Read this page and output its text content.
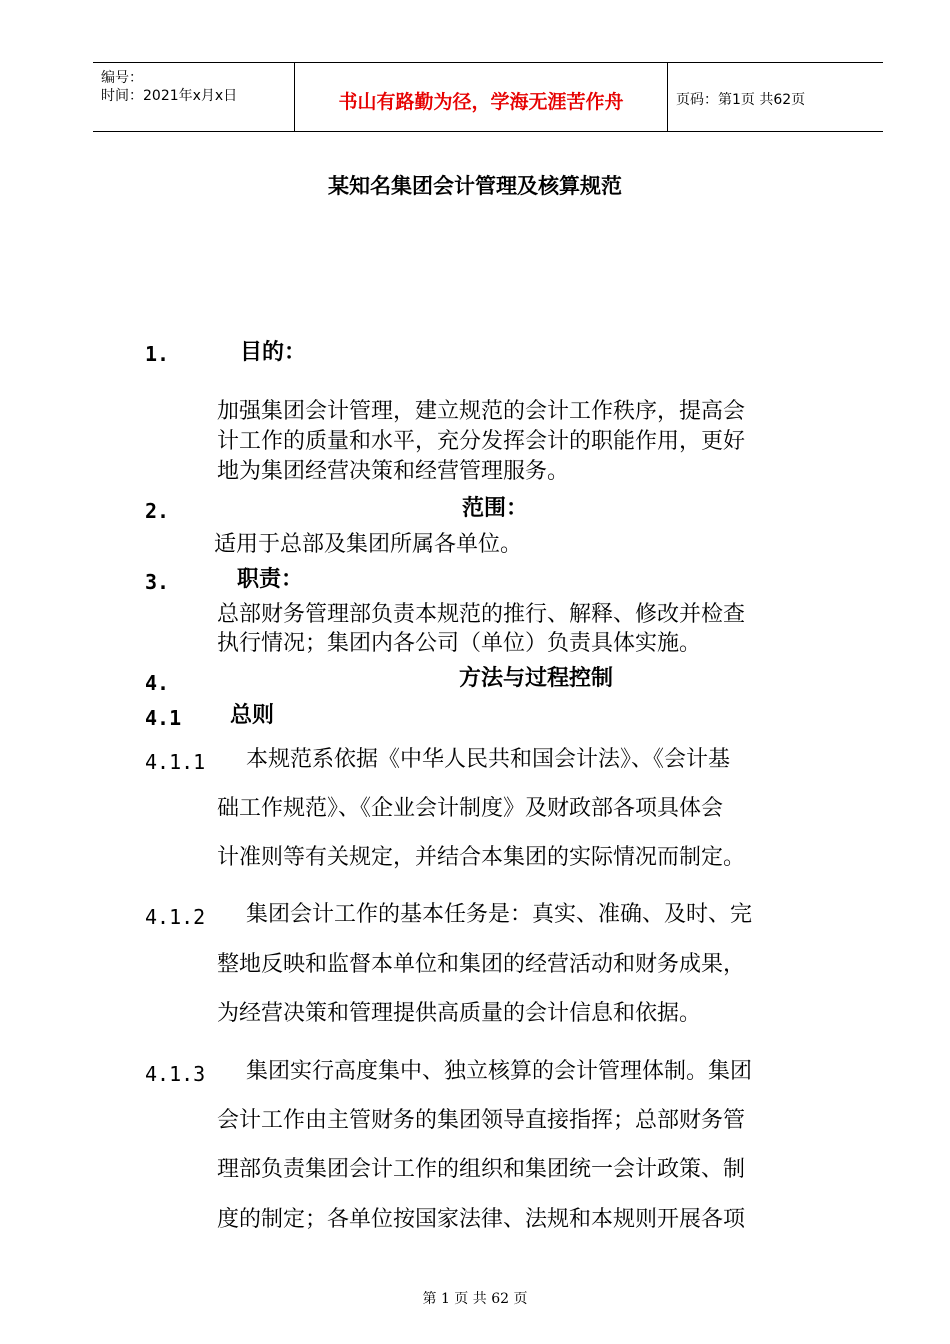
编号：
时间：2021年x月x日	书山有路勤为径，学海无涯苦作舟	页码：第1页 共62页
某知名集团会计管理及核算规范
1.	目的：
加强集团会计管理，建立规范的会计工作秩序，提高会
计工作的质量和水平，充分发挥会计的职能作用，更好
地为集团经营决策和经营管理服务。
2.	范围：
适用于总部及集团所属各单位。
3.	职责：
总部财务管理部负责本规范的推行、解释、修改并检查
执行情况；集团内各公司（单位）负责具体实施。
4.	方法与过程控制
4.1 总则
4.1.1 本规范系依据《中华人民共和国会计法》、《会计基
础工作规范》、《企业会计制度》及财政部各项具体会
计准则等有关规定，并结合本集团的实际情况而制定。
4.1.2 集团会计工作的基本任务是：真实、准确、及时、完
整地反映和监督本单位和集团的经营活动和财务成果，
为经营决策和管理提供高质量的会计信息和依据。
4.1.3 集团实行高度集中、独立核算的会计管理体制。集团
会计工作由主管财务的集团领导直接指挥；总部财务管
理部负责集团会计工作的组织和集团统一会计政策、制
度的制定；各单位按国家法律、法规和本规则开展各项
第 1 页 共 62 页
